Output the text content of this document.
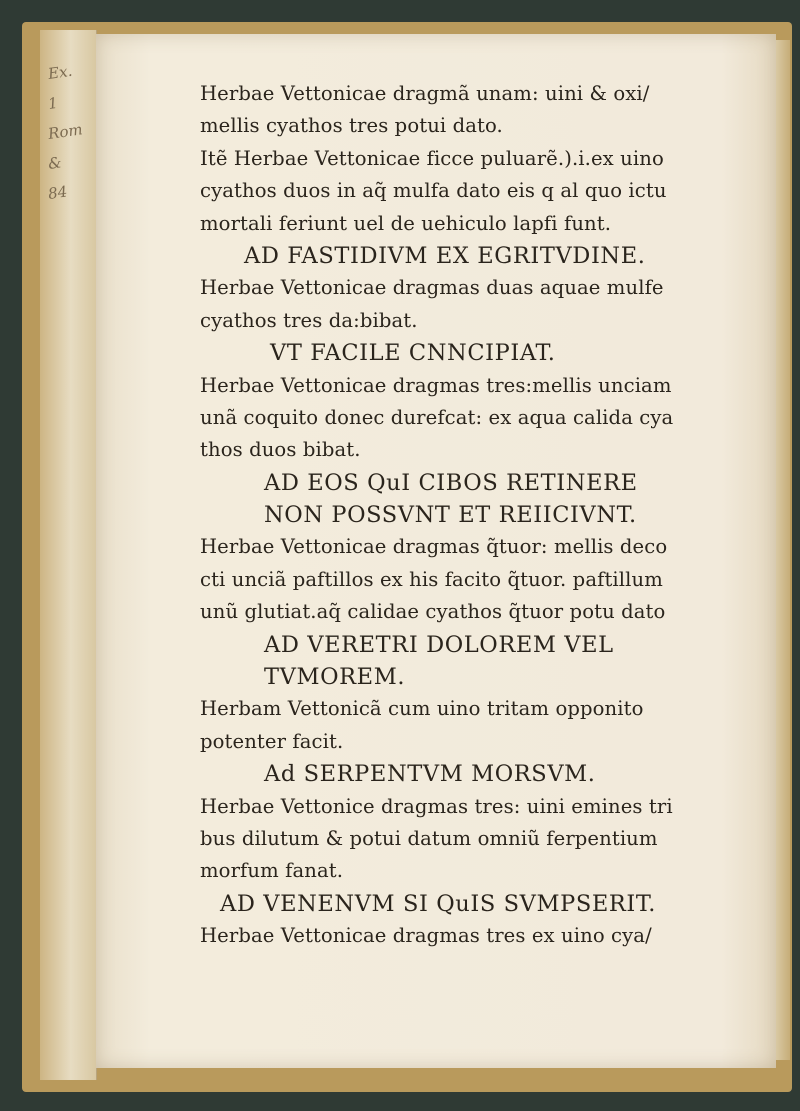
Ex.
1
Rom
&
84
Herbae Vettonicae dragmã unam: uini & oxi/
mellis cyathos tres potui dato.
Itẽ Herbae Vettonicae ficce puluarẽ.).i.ex uino
cyathos duos in aq̃ mulfa dato eis q al quo ictu
mortali feriunt uel de uehiculo lapfi funt.
AD FASTIDIVM EX EGRITVDINE.
Herbae Vettonicae dragmas duas aquae mulfe
cyathos tres da:bibat.
VT FACILE CNNCIPIAT.
Herbae Vettonicae dragmas tres:mellis unciam
unã coquito donec durefcat: ex aqua calida cya
thos duos bibat.
AD EOS QuI CIBOS RETINERE
NON POSSVNT ET REIICIVNT.
Herbae Vettonicae dragmas q̃tuor: mellis deco
cti unciã paftillos ex his facito q̃tuor. paftillum
unũ glutiat.aq̃ calidae cyathos q̃tuor potu dato
AD VERETRI DOLOREM VEL
TVMOREM.
Herbam Vettonicã cum uino tritam opponito
potenter facit.
Ad SERPENTVM MORSVM.
Herbae Vettonice dragmas tres: uini emines tri
bus dilutum & potui datum omniũ ferpentium
morfum fanat.
AD VENENVM SI QuIS SVMPSERIT.
Herbae Vettonicae dragmas tres ex uino cya/
